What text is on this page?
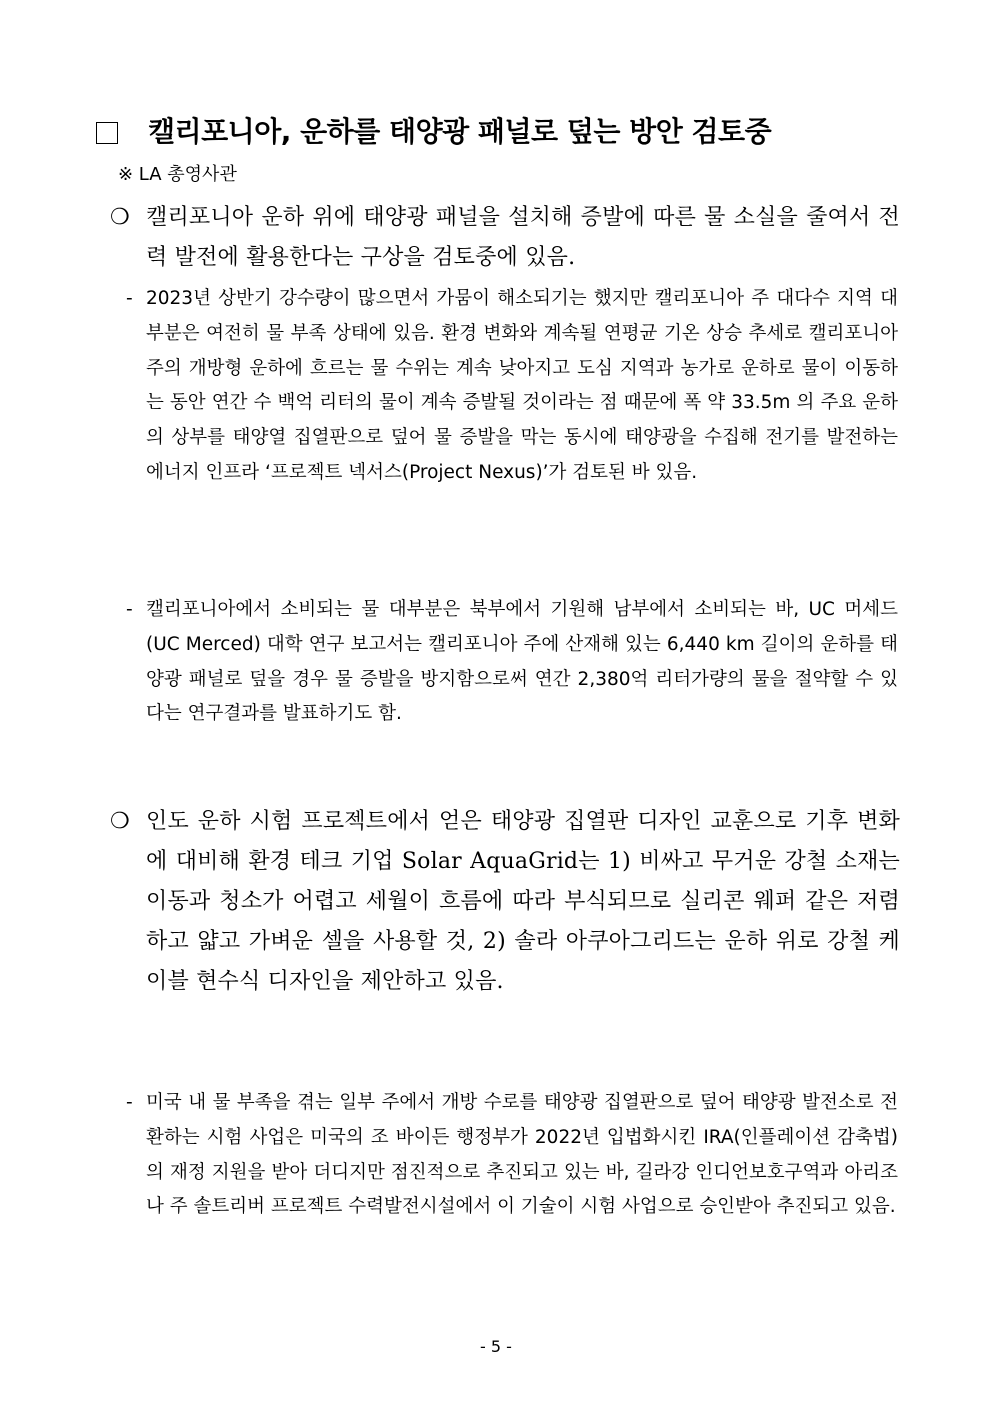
캘리포니아, 운하를 태양광 패널로 덮는 방안 검토중
※ LA 총영사관
❍ 캘리포니아 운하 위에 태양광 패널을 설치해 증발에 따른 물 소실을 줄여서 전력 발전에 활용한다는 구상을 검토중에 있음.
- 2023년 상반기 강수량이 많으면서 가뭄이 해소되기는 했지만 캘리포니아 주 대다수 지역 대부분은 여전히 물 부족 상태에 있음. 환경 변화와 계속될 연평균 기온 상승 추세로 캘리포니아 주의 개방형 운하에 흐르는 물 수위는 계속 낮아지고 도심 지역과 농가로 운하로 물이 이동하는 동안 연간 수 백억 리터의 물이 계속 증발될 것이라는 점 때문에 폭 약 33.5m 의 주요 운하의 상부를 태양열 집열판으로 덮어 물 증발을 막는 동시에 태양광을 수집해 전기를 발전하는 에너지 인프라 ‘프로젝트 넥서스(Project Nexus)’가 검토된 바 있음.
- 캘리포니아에서 소비되는 물 대부분은 북부에서 기원해 남부에서 소비되는 바, UC 머세드 (UC Merced) 대학 연구 보고서는 캘리포니아 주에 산재해 있는 6,440 km 길이의 운하를 태양광 패널로 덮을 경우 물 증발을 방지함으로써 연간 2,380억 리터가량의 물을 절약할 수 있다는 연구결과를 발표하기도 함.
❍ 인도 운하 시험 프로젝트에서 얻은 태양광 집열판 디자인 교훈으로 기후 변화에 대비해 환경 테크 기업 Solar AquaGrid는 1) 비싸고 무거운 강철 소재는 이동과 청소가 어렵고 세월이 흐름에 따라 부식되므로 실리콘 웨퍼 같은 저렴하고 얇고 가벼운 셀을 사용할 것, 2) 솔라 아쿠아그리드는 운하 위로 강철 케이블 현수식 디자인을 제안하고 있음.
- 미국 내 물 부족을 겪는 일부 주에서 개방 수로를 태양광 집열판으로 덮어 태양광 발전소로 전환하는 시험 사업은 미국의 조 바이든 행정부가 2022년 입법화시킨 IRA(인플레이션 감축법)의 재정 지원을 받아 더디지만 점진적으로 추진되고 있는 바, 길라강 인디언보호구역과 아리조나 주 솔트리버 프로젝트 수력발전시설에서 이 기술이 시험 사업으로 승인받아 추진되고 있음.
- 5 -
